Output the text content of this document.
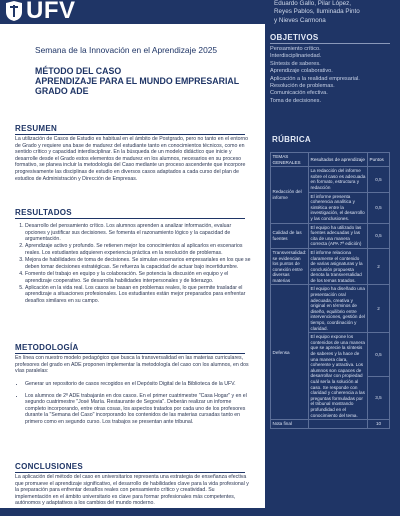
UFV	Eduardo Gallo, Pilar López,
Reyes Pablos, Iluminada Pinto
y Nieves Carmona
OBJETIVOS
Pensamiento crítico.
Interdisciplinariedad.
Síntesis de saberes.
Aprendizaje colaborativo.
Aplicación a la realidad empresarial.
Resolución de problemas.
Comunicación efectiva.
Toma de decisiones.
RÚBRICA
TEMAS GENERALES	Resultados de aprendizaje	Puntos
Redacción del informe	La redacción del informe sobre el caso es adecuada en formato, estructura y redacción	0,5
	El informe presenta coherencia analítica y sintética entre la investigación, el desarrollo y las conclusiones.	0,5
Calidad de las fuentes	El equipo ha utilizado las fuentes adecuadas y las cita de una manera correcta (APA 7ª edición)	0,5
Transversalidad: se evidencian los puntos de conexión entre diversas materias	El informe relaciona claramente el contenido de varias asignaturas y la conclusión propuesta denota la transversalidad de los temas tratados.	2
Defensa	El equipo ha diseñado una presentación oral adecuada, creativa y original en términos de diseño, equilibrio entre intervenciones, gestión del tiempo, coordinación y claridad.	2
	El equipo expone los contenidos de una manera que se aprecie la síntesis de saberes y la hace de una manera clara, coherente y atractiva. Los alumnos son capaces de desarrollar con propiedad cuál sería la solución al caso. Se responde con claridad y coherencia a las preguntas formuladas por el tribunal mostrando profundidad en el conocimiento del tema.	0,5
		3,5
Nota final		10
Semana de la Innovación en el Aprendizaje 2025
MÉTODO DEL CASO
APRENDIZAJE PARA EL MUNDO EMPRESARIAL
GRADO ADE
RESUMEN
La utilización de Casos de Estudio es habitual en el ámbito de Postgrado, pero no tanto en el entorno de Grado y requiere una base de madurez del estudiante tanto en conocimientos técnicos, como en sentido crítico y capacidad interdisciplinar. En la búsqueda de un modelo didáctico que inicie y desarrolle desde el Grado estos elementos de madurez en los alumnos, necesarios en su proceso formativo, se planea incluir la metodología del Caso mediante un proceso ascendente que incorpore progresivamente las disciplinas de estudio en diversos casos adaptados a cada curso del plan de estudios de Administración y Dirección de Empresas.
RESULTADOS
1. Desarrollo del pensamiento crítico. Los alumnos aprenden a analizar información, evaluar opciones y justificar sus decisiones. Se fomenta el razonamiento lógico y la capacidad de argumentación.
2. Aprendizaje activo y profundo. Se retienen mejor los conocimientos al aplicarlos en escenarios reales. Los estudiantes adquieren experiencia práctica en la resolución de problemas.
3. Mejora de habilidades de toma de decisiones. Se simulan escenarios empresariales en los que se deben tomar decisiones estratégicas. Se refuerza la capacidad de actuar bajo incertidumbre.
4. Fomento del trabajo en equipo y la colaboración. Se potencia la discusión en equipo y el aprendizaje cooperativo. Se desarrolla habilidades interpersonales y de liderazgo.
5. Aplicación en la vida real. Los casos se basan en problemas reales, lo que permite trasladar el aprendizaje a situaciones profesionales. Los estudiantes están mejor preparados para enfrentar desafíos similares en su campo.
METODOLOGÍA
En línea con nuestro modelo pedagógico que busca la transversalidad en las materias curriculares, profesores del grado en ADE proponen implementar la metodología del caso con los alumnos, en dos vías paralelas:
• Generar un repositorio de casos recogidos en el Depósito Digital de la Biblioteca de la UFV.
• Los alumnos de 2º ADE trabajarán en dos casos. En el primer cuatrimestre "Casa Hogar" y en el segundo cuatrimestre "José María. Restaurante de Segovia". Deberán realizar un informe completo incorporando, entre otras cosas, los aspectos tratados por cada uno de los profesores durante la "Semana del Caso" incorporando los contenidos de las materias cursadas tanto en primero como en segundo curso. Los trabajos se presentan ante tribunal.
CONCLUSIONES
La aplicación del método del caso en universitarios representa una estrategia de enseñanza efectiva que promueve el aprendizaje significativo, el desarrollo de habilidades clave para la vida profesional y la preparación para enfrentar desafíos reales con pensamiento crítico y creatividad. Su implementación en el ámbito universitario es clave para formar profesionales más competentes, autónomos y adaptativos a los cambios del mundo moderno.
